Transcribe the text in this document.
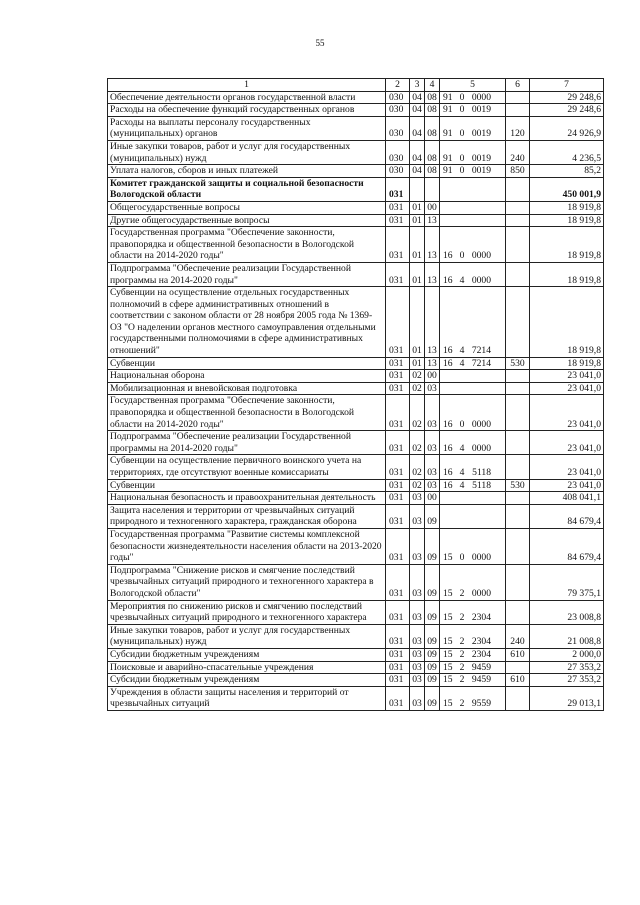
55
1	2	3	4	5	6	7
Обеспечение деятельности органов государственной власти	030	04	08	91 0 0000		29 248,6
Расходы на обеспечение функций государственных органов	030	04	08	91 0 0019		29 248,6
Расходы на выплаты персоналу государственных (муниципальных) органов	030	04	08	91 0 0019	120	24 926,9
Иные закупки товаров, работ и услуг для государственных (муниципальных) нужд	030	04	08	91 0 0019	240	4 236,5
Уплата налогов, сборов и иных платежей	030	04	08	91 0 0019	850	85,2
Комитет гражданской защиты и социальной безопасности Вологодской области	031					450 001,9
Общегосударственные вопросы	031	01	00			18 919,8
Другие общегосударственные вопросы	031	01	13			18 919,8
Государственная программа "Обеспечение законности, правопорядка и общественной безопасности в Вологодской области на 2014-2020 годы"	031	01	13	16 0 0000		18 919,8
Подпрограмма "Обеспечение реализации Государственной программы на 2014-2020 годы"	031	01	13	16 4 0000		18 919,8
Субвенции на осуществление отдельных государственных полномочий в сфере административных отношений в соответствии с законом области от 28 ноября 2005 года № 1369-ОЗ "О наделении органов местного самоуправления отдельными государственными полномочиями в сфере административных отношений"	031	01	13	16 4 7214		18 919,8
Субвенции	031	01	13	16 4 7214	530	18 919,8
Национальная оборона	031	02	00			23 041,0
Мобилизационная и вневойсковая подготовка	031	02	03			23 041,0
Государственная программа "Обеспечение законности, правопорядка и общественной безопасности в Вологодской области на 2014-2020 годы"	031	02	03	16 0 0000		23 041,0
Подпрограмма "Обеспечение реализации Государственной программы на 2014-2020 годы"	031	02	03	16 4 0000		23 041,0
Субвенции на осуществление первичного воинского учета на территориях, где отсутствуют военные комиссариаты	031	02	03	16 4 5118		23 041,0
Субвенции	031	02	03	16 4 5118	530	23 041,0
Национальная безопасность и правоохранительная деятельность	031	03	00			408 041,1
Защита населения и территории от чрезвычайных ситуаций природного и техногенного характера, гражданская оборона	031	03	09			84 679,4
Государственная программа "Развитие системы комплексной безопасности жизнедеятельности населения области на 2013-2020 годы"	031	03	09	15 0 0000		84 679,4
Подпрограмма "Снижение рисков и смягчение последствий чрезвычайных ситуаций природного и техногенного характера в Вологодской области"	031	03	09	15 2 0000		79 375,1
Мероприятия по снижению рисков и смягчению последствий чрезвычайных ситуаций природного и техногенного характера	031	03	09	15 2 2304		23 008,8
Иные закупки товаров, работ и услуг для государственных (муниципальных) нужд	031	03	09	15 2 2304	240	21 008,8
Субсидии бюджетным учреждениям	031	03	09	15 2 2304	610	2 000,0
Поисковые и аварийно-спасательные учреждения	031	03	09	15 2 9459		27 353,2
Субсидии бюджетным учреждениям	031	03	09	15 2 9459	610	27 353,2
Учреждения в области защиты населения и территорий от чрезвычайных ситуаций	031	03	09	15 2 9559		29 013,1
